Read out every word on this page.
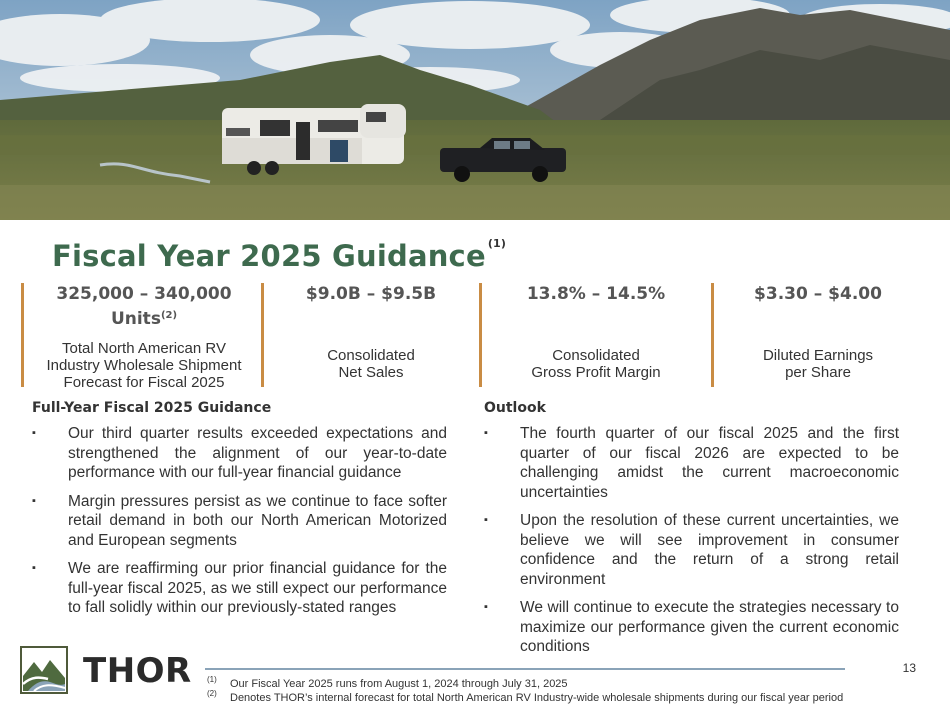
Fiscal Year 2025 Guidance $^{(1)}$
325,000 – 340,000
Units$^{(2)}$
Total North American RV
Industry Wholesale Shipment
Forecast for Fiscal 2025
$9.0B – $9.5B
Consolidated
Net Sales
13.8% – 14.5%
Consolidated
Gross Profit Margin
$3.30 – $4.00
Diluted Earnings
per Share
Full-Year Fiscal 2025 Guidance
▪	Our third quarter results exceeded expectations and strengthened the alignment of our year-to-date performance with our full-year financial guidance
▪	Margin pressures persist as we continue to face softer retail demand in both our North American Motorized and European segments
▪	We are reaffirming our prior financial guidance for the full-year fiscal 2025, as we still expect our performance to fall solidly within our previously-stated ranges
Outlook
▪	The fourth quarter of our fiscal 2025 and the first quarter of our fiscal 2026 are expected to be challenging amidst the current macroeconomic uncertainties
▪	Upon the resolution of these current uncertainties, we believe we will see improvement in consumer confidence and the return of a strong retail environment
▪	We will continue to execute the strategies necessary to maximize our performance given the current economic conditions
THOR	13
(1) Our Fiscal Year 2025 runs from August 1, 2024 through July 31, 2025
(2) Denotes THOR’s internal forecast for total North American RV Industry-wide wholesale shipments during our fiscal year period
